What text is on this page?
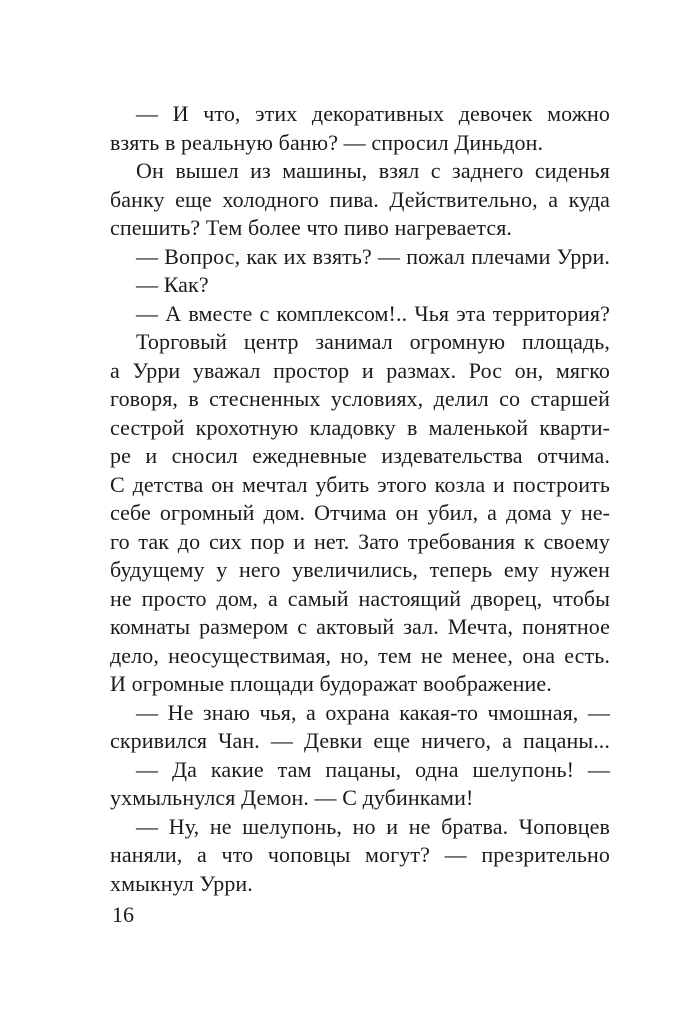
— И что, этих декоративных девочек можно
взять в реальную баню? — спросил Диньдон.
Он вышел из машины, взял с заднего сиденья
банку еще холодного пива. Действительно, а куда
спешить? Тем более что пиво нагревается.
— Вопрос, как их взять? — пожал плечами Урри.
— Как?
— А вместе с комплексом!.. Чья эта территория?
Торговый центр занимал огромную площадь,
а Урри уважал простор и размах. Рос он, мягко
говоря, в стесненных условиях, делил со старшей
сестрой крохотную кладовку в маленькой кварти-
ре и сносил ежедневные издевательства отчима.
С детства он мечтал убить этого козла и построить
себе огромный дом. Отчима он убил, а дома у не-
го так до сих пор и нет. Зато требования к своему
будущему у него увеличились, теперь ему нужен
не просто дом, а самый настоящий дворец, чтобы
комнаты размером с актовый зал. Мечта, понятное
дело, неосуществимая, но, тем не менее, она есть.
И огромные площади будоражат воображение.
— Не знаю чья, а охрана какая-то чмошная, —
скривился Чан. — Девки еще ничего, а пацаны...
— Да какие там пацаны, одна шелупонь! —
ухмыльнулся Демон. — С дубинками!
— Ну, не шелупонь, но и не братва. Чоповцев
наняли, а что чоповцы могут? — презрительно
хмыкнул Урри.
16
